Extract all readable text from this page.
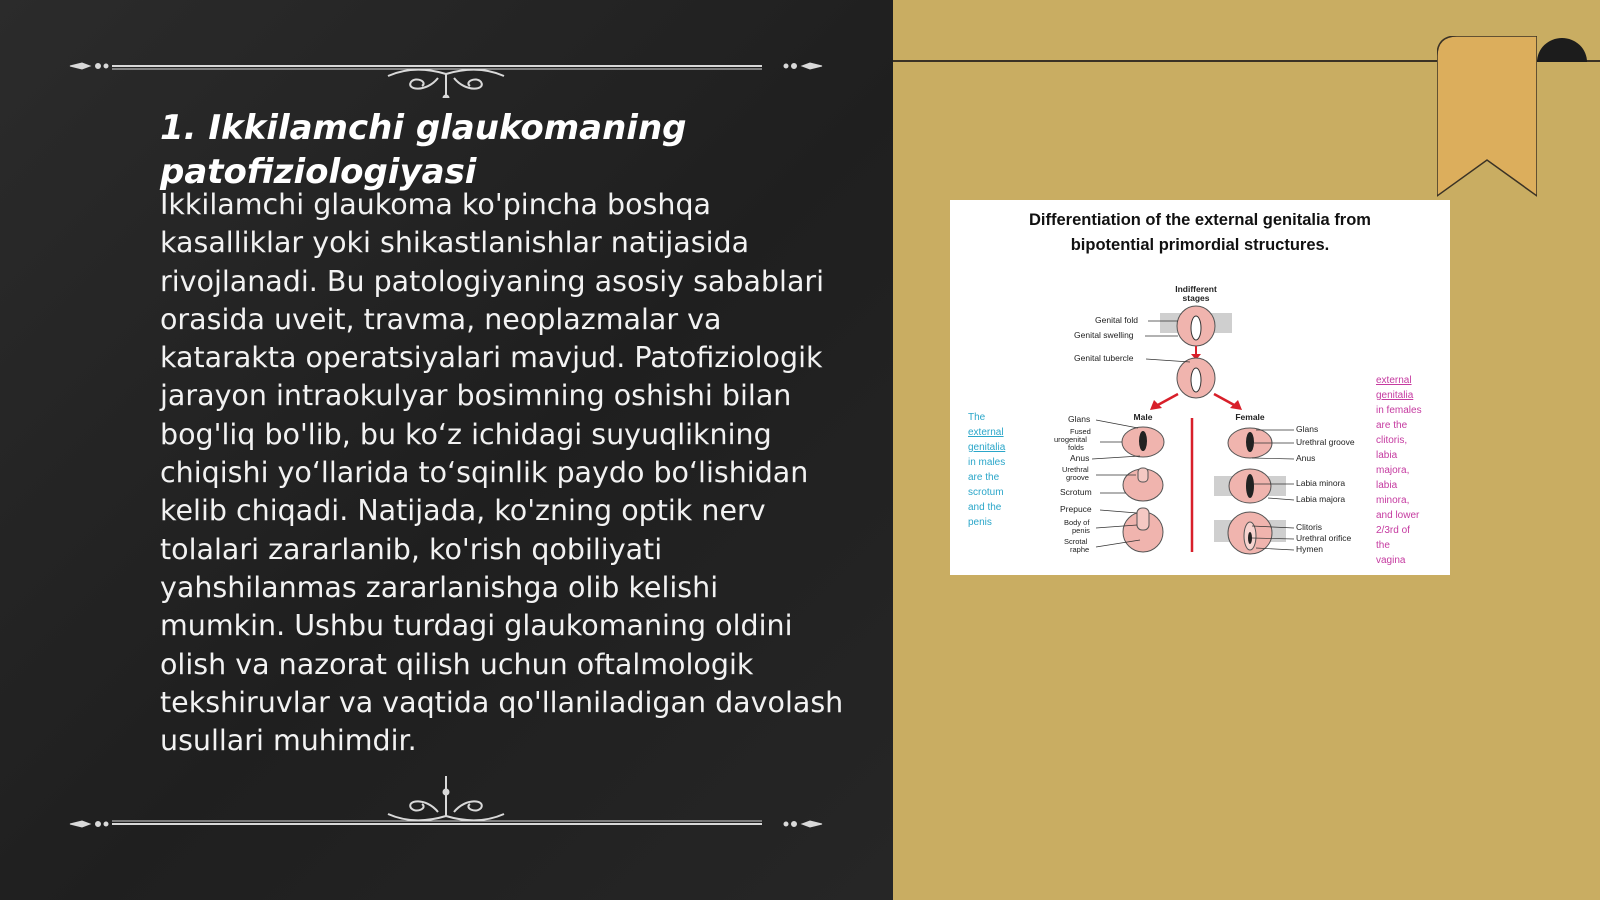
1. Ikkilamchi glaukomaning patofiziologiyasi

Ikkilamchi glaukoma ko'pincha boshqa kasalliklar yoki shikastlanishlar natijasida rivojlanadi. Bu patologiyaning asosiy sabablari orasida uveit, travma, neoplazmalar va katarakta operatsiyalari mavjud. Patofiziologik jarayon intraokulyar bosimning oshishi bilan bog'liq bo'lib, bu ko‘z ichidagi suyuqlikning chiqishi yo‘llarida to‘sqinlik paydo bo‘lishidan kelib chiqadi. Natijada, ko'zning optik nerv tolalari zararlanib, ko'rish qobiliyati yahshilanmas zararlanishga olib kelishi mumkin. Ushbu turdagi glaukomaning oldini olish va nazorat qilish uchun oftalmologik tekshiruvlar va vaqtida qo'llaniladigan davolash usullari muhimdir.

Differentiation of the external genitalia from
bipotential primordial structures.

Indifferent
stages
Genital fold
Genital swelling
Genital tubercle
Male	Female
Glans
Fused
urogenital
folds
Anus
Urethral
groove
Scrotum
Prepuce
Body of
penis
Scrotal
raphe
Glans
Urethral groove
Anus
Labia minora
Labia majora
Clitoris
Urethral orifice
Hymen
The
external
genitalia
in males
are the
scrotum
and the
penis
external
genitalia
in females
are the
clitoris,
labia
majora,
labia
minora,
and lower
2/3rd of
the
vagina
